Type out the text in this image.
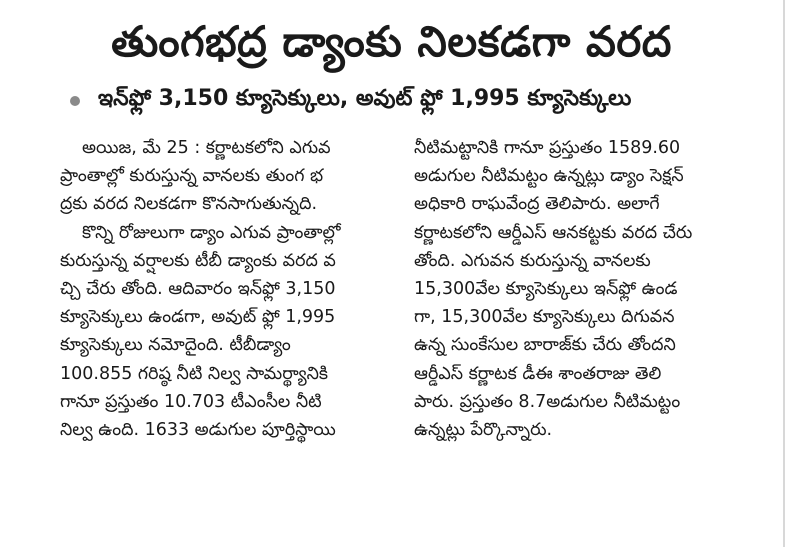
తుంగభద్ర డ్యాంకు నిలకడగా వరద
ఇన్‌ఫ్లో 3,150 క్యూసెక్కులు, అవుట్‌ ఫ్లో 1,995 క్యూసెక్కులు
అయిజ, మే 25 : కర్ణాటకలోని ఎగువ
ప్రాంతాల్లో కురుస్తున్న వానలకు తుంగ భ
ద్రకు వరద నిలకడగా కొనసాగుతున్నది.
కొన్ని రోజులుగా డ్యాం ఎగువ ప్రాంతాల్లో
కురుస్తున్న వర్షాలకు టీబీ డ్యాంకు వరద వ
చ్చి చేరు తోంది. ఆదివారం ఇన్‌ఫ్లో 3,150
క్యూసెక్కులు ఉండగా, అవుట్‌ ఫ్లో 1,995
క్యూసెక్కులు నమోదైంది. టీబీడ్యాం
100.855 గరిష్ఠ నీటి నిల్వ సామర్థ్యానికి
గానూ ప్రస్తుతం 10.703 టీఎంసీల నీటి
నిల్వ ఉంది. 1633 అడుగుల పూర్తిస్థాయి
నీటిమట్టానికి గానూ ప్రస్తుతం 1589.60
అడుగుల నీటిమట్టం ఉన్నట్లు డ్యాం సెక్షన్‌
అధికారి రాఘవేంద్ర తెలిపారు. అలాగే
కర్ణాటకలోని ఆర్డీఎస్‌ ఆనకట్టకు వరద చేరు
తోంది. ఎగువన కురుస్తున్న వానలకు
15,300వేల క్యూసెక్కులు ఇన్‌ఫ్లో ఉండ
గా, 15,300వేల క్యూసెక్కులు దిగువన
ఉన్న సుంకేసుల బారాజ్‌కు చేరు తోందని
ఆర్డీఎస్‌ కర్ణాటక డీఈ శాంతరాజు తెలి
పారు. ప్రస్తుతం 8.7అడుగుల నీటిమట్టం
ఉన్నట్లు పేర్కొన్నారు.
